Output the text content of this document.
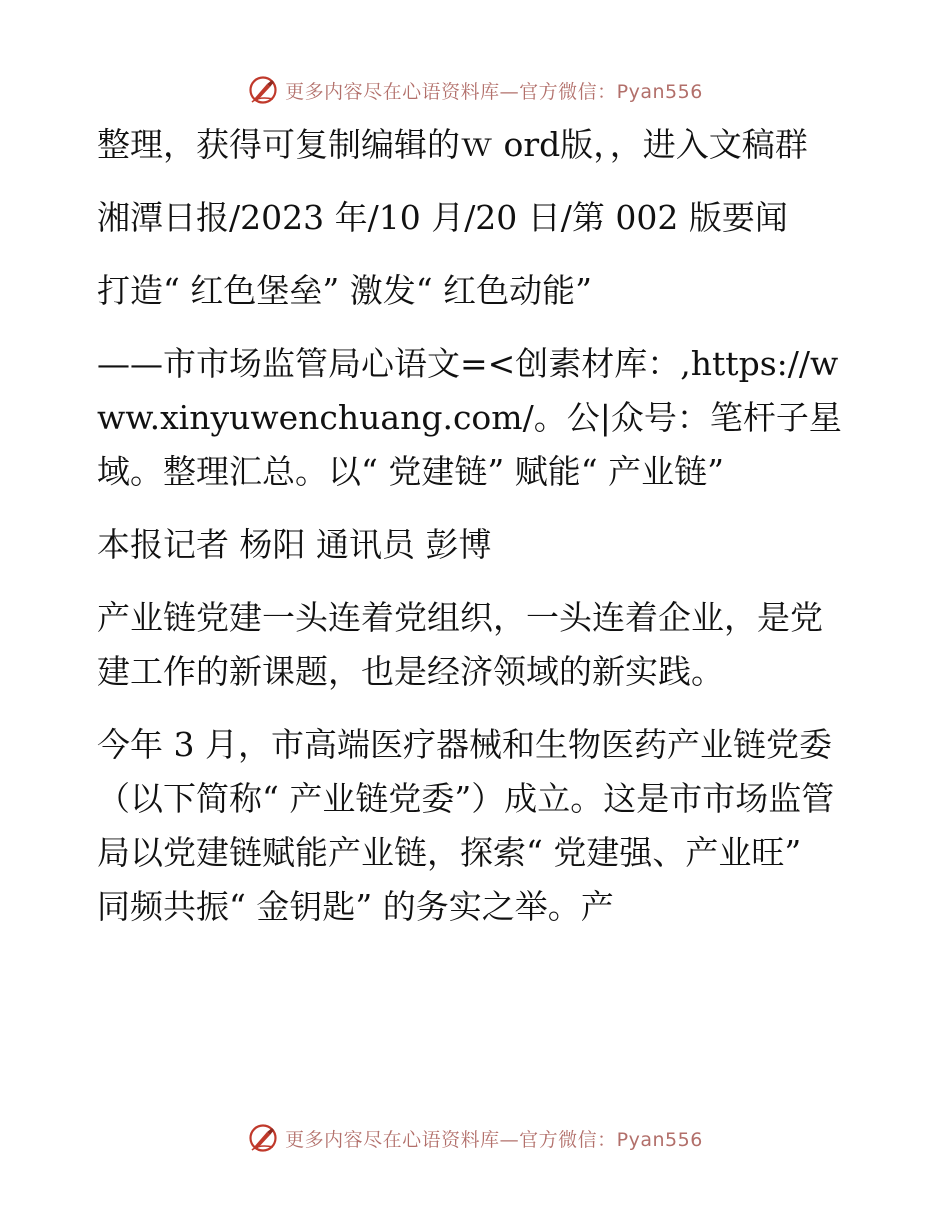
更多内容尽在心语资料库—官方微信：Pyan556

整理，获得可复制编辑的ｗ ord版，，进入文稿群

湘潭日报/2023 年/10 月/20 日/第 002 版要闻

打造“ 红色堡垒” 激发“ 红色动能”

——市市场监管局心语文=<创素材库：,https://www.xinyuwenchuang.com/。公|众号：笔杆子星域。整理汇总。以“ 党建链” 赋能“ 产业链”

本报记者 杨阳 通讯员 彭博

产业链党建一头连着党组织，一头连着企业，是党建工作的新课题，也是经济领域的新实践。

今年 3 月，市高端医疗器械和生物医药产业链党委（以下简称“ 产业链党委”）成立。这是市市场监管局以党建链赋能产业链，探索“ 党建强、产业旺” 同频共振“ 金钥匙” 的务实之举。产

更多内容尽在心语资料库—官方微信：Pyan556
